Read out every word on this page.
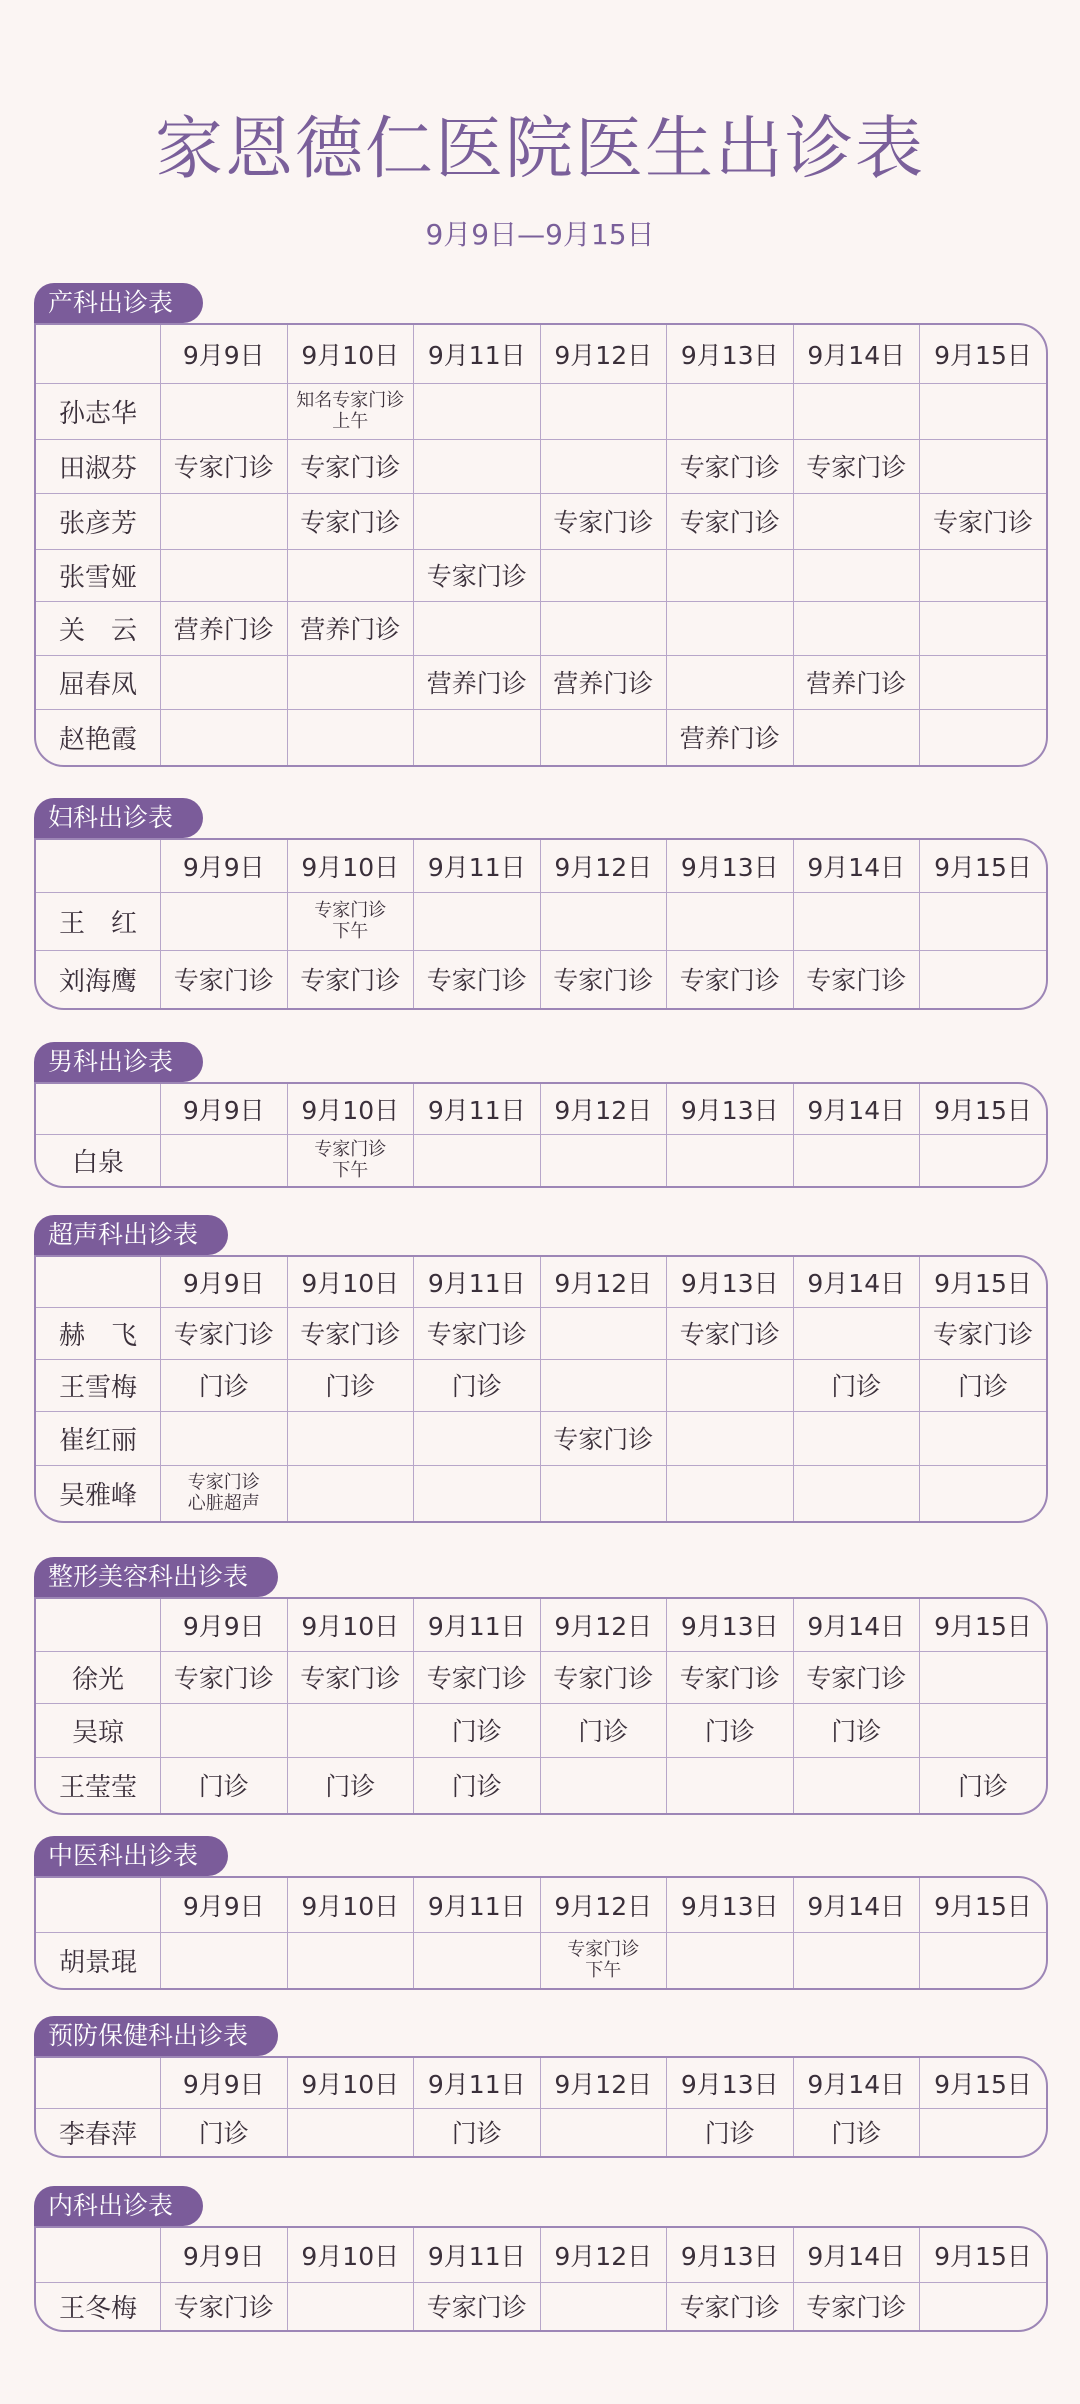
家恩德仁医院医生出诊表
9月9日—9月15日
产科出诊表
	9月9日	9月10日	9月11日	9月12日	9月13日	9月14日	9月15日
孙志华		知名专家门诊
上午					

田淑芬	专家门诊	专家门诊			专家门诊	专家门诊	
张彦芳		专家门诊		专家门诊	专家门诊		专家门诊
张雪娅			专家门诊				
关　云	营养门诊	营养门诊					
屈春凤			营养门诊	营养门诊		营养门诊	
赵艳霞					营养门诊		
妇科出诊表
	9月9日	9月10日	9月11日	9月12日	9月13日	9月14日	9月15日
王　红		专家门诊
下午					

刘海鹰	专家门诊	专家门诊	专家门诊	专家门诊	专家门诊	专家门诊	
男科出诊表
	9月9日	9月10日	9月11日	9月12日	9月13日	9月14日	9月15日
白泉		专家门诊
下午					

超声科出诊表
	9月9日	9月10日	9月11日	9月12日	9月13日	9月14日	9月15日
赫　飞	专家门诊	专家门诊	专家门诊		专家门诊		专家门诊
王雪梅	门诊	门诊	门诊			门诊	门诊
崔红丽				专家门诊			
吴雅峰	专家门诊
心脏超声						

整形美容科出诊表
	9月9日	9月10日	9月11日	9月12日	9月13日	9月14日	9月15日
徐光	专家门诊	专家门诊	专家门诊	专家门诊	专家门诊	专家门诊	
吴琼			门诊	门诊	门诊	门诊	
王莹莹	门诊	门诊	门诊				门诊
中医科出诊表
	9月9日	9月10日	9月11日	9月12日	9月13日	9月14日	9月15日
胡景琨				专家门诊
下午			

预防保健科出诊表
	9月9日	9月10日	9月11日	9月12日	9月13日	9月14日	9月15日
李春萍	门诊		门诊		门诊	门诊	
内科出诊表
	9月9日	9月10日	9月11日	9月12日	9月13日	9月14日	9月15日
王冬梅	专家门诊		专家门诊		专家门诊	专家门诊	
